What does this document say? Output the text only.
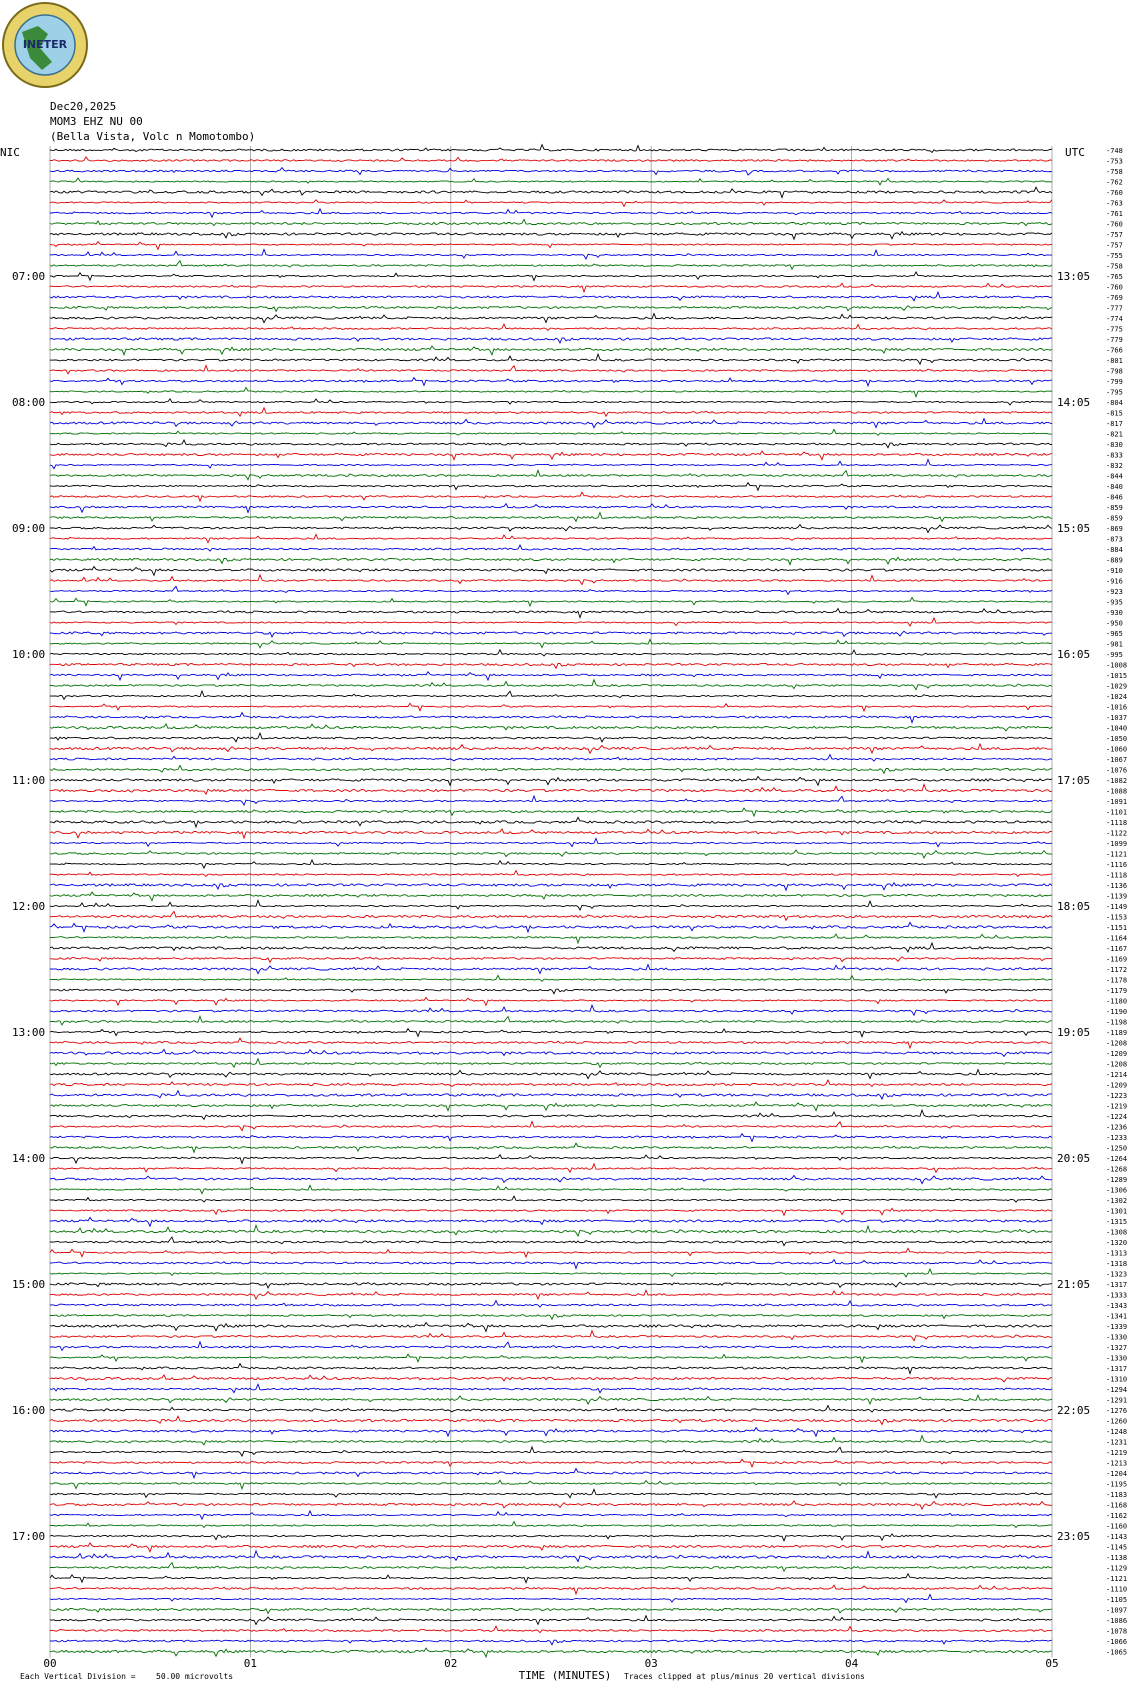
INETER
Dec20,2025
MOM3 EHZ NU 00
(Bella Vista, Volc n Momotombo)
NIC	UTC
07:00	13:05
08:00	14:05
09:00	15:05
10:00	16:05
11:00	17:05
12:00	18:05
13:00	19:05
14:00	20:05
15:00	21:05
16:00	22:05
17:00	23:05
-748
-753
-758
-762
-760
-763
-761
-760
-757
-757
-755
-758
-765
-760
-769
-777
-774
-775
-779
-766
-801
-798
-799
-795
-804
-815
-817
-821
-830
-833
-832
-844
-840
-846
-859
-859
-869
-873
-884
-889
-910
-916
-923
-935
-930
-950
-965
-981
-995
-1008
-1015
-1029
-1024
-1016
-1037
-1040
-1050
-1060
-1067
-1076
-1082
-1088
-1091
-1101
-1118
-1122
-1099
-1121
-1116
-1118
-1136
-1139
-1149
-1153
-1151
-1164
-1167
-1169
-1172
-1178
-1179
-1180
-1190
-1198
-1189
-1208
-1209
-1208
-1214
-1209
-1223
-1219
-1224
-1236
-1233
-1250
-1264
-1268
-1289
-1306
-1302
-1301
-1315
-1308
-1320
-1313
-1318
-1323
-1317
-1333
-1343
-1341
-1339
-1330
-1327
-1330
-1317
-1310
-1294
-1291
-1276
-1260
-1248
-1231
-1219
-1213
-1204
-1195
-1183
-1168
-1162
-1160
-1143
-1145
-1138
-1129
-1121
-1110
-1105
-1097
-1086
-1078
-1066
-1065
00	01	02	03	04	05
TIME (MINUTES)
Each Vertical Division =	50.00 microvolts	Traces clipped at plus/minus 20 vertical divisions
